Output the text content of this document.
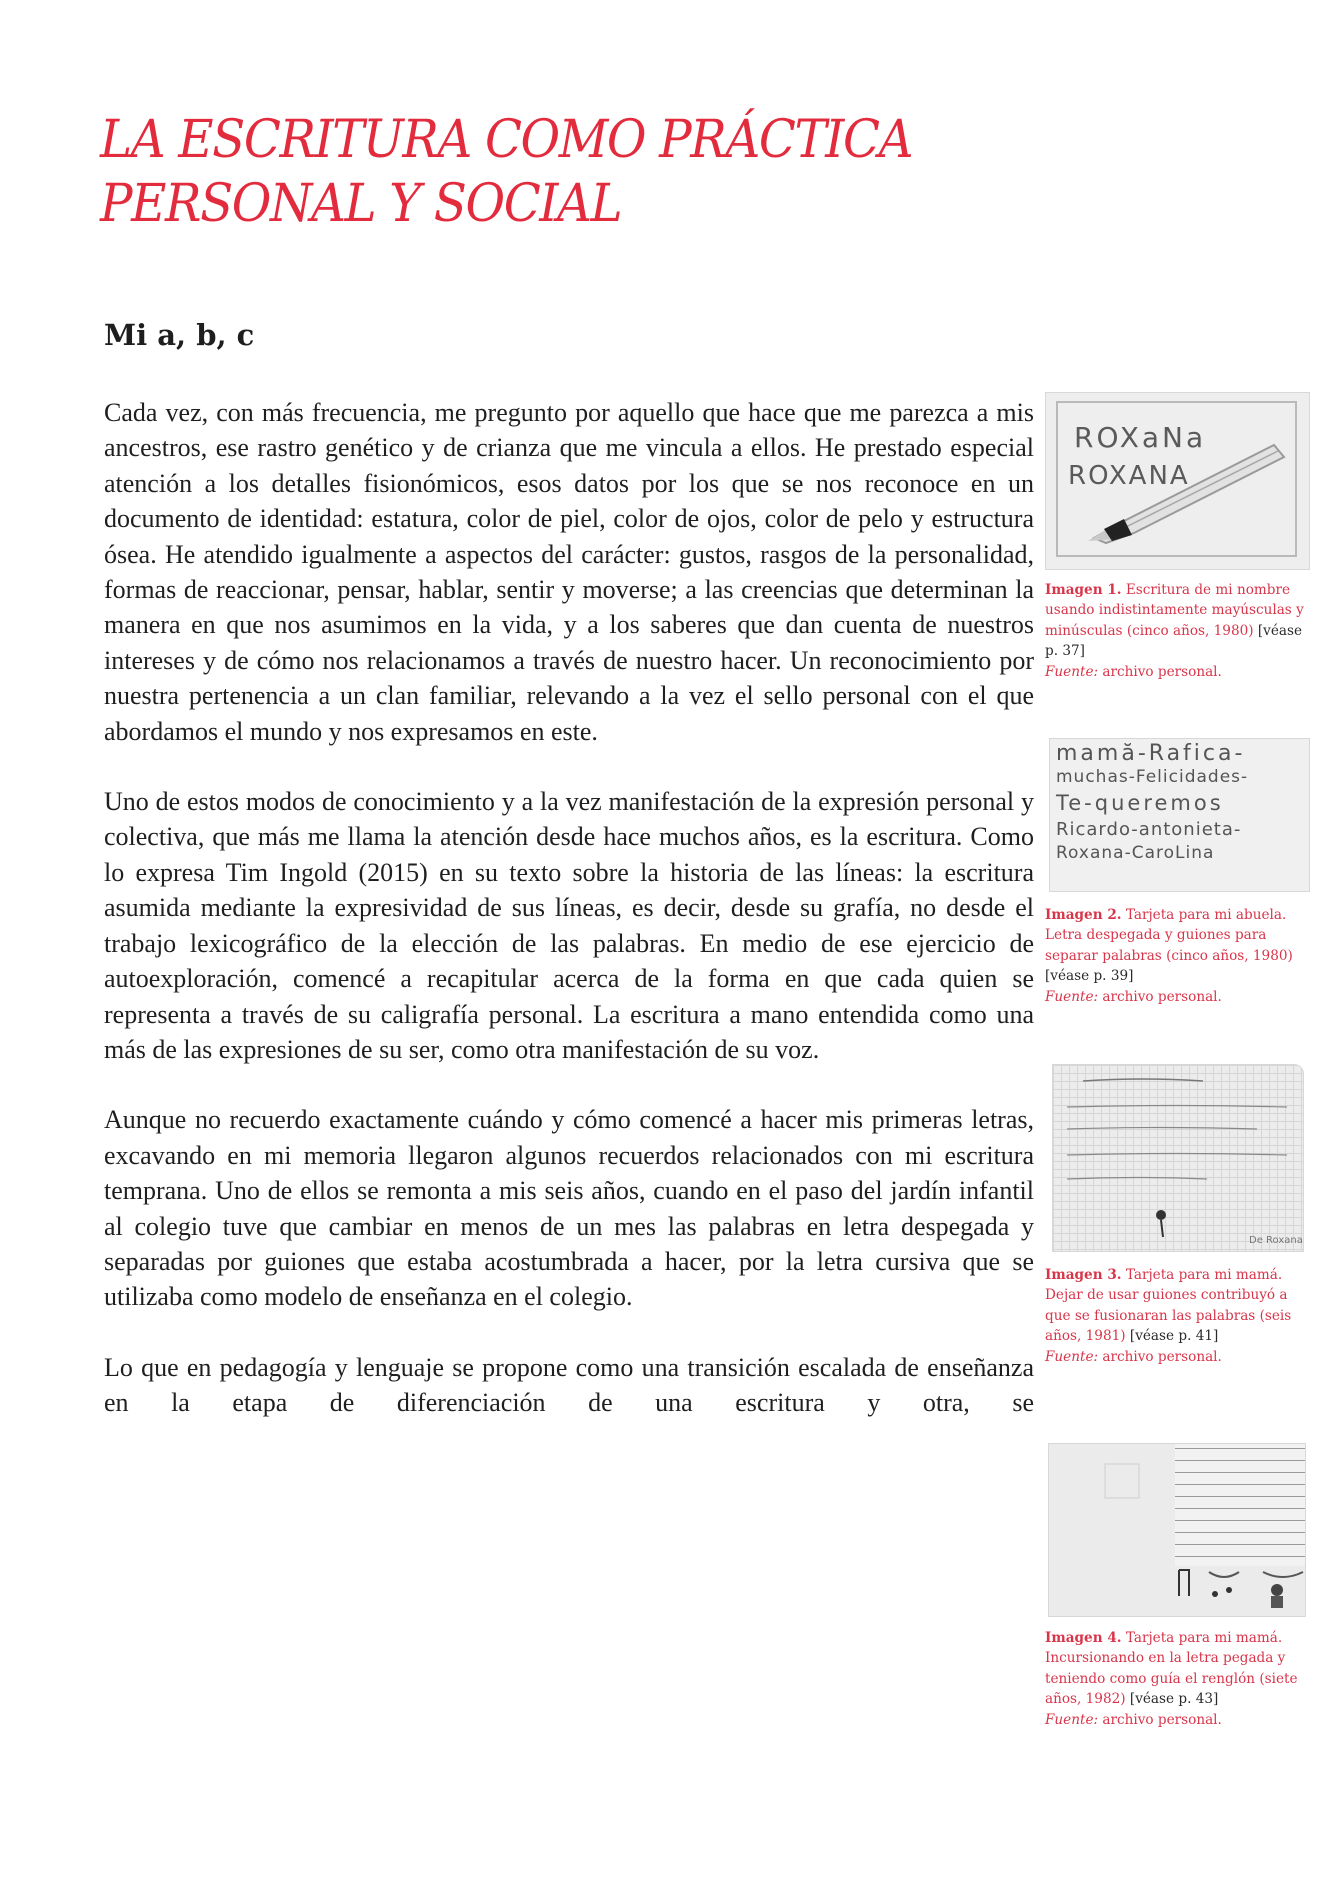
LA ESCRITURA COMO PRÁCTICA
PERSONAL Y SOCIAL
Mi a, b, c

Cada vez, con más frecuencia, me pregunto por aquello que hace que me parezca a mis ancestros, ese rastro genético y de crianza que me vincula a ellos. He prestado especial atención a los detalles fisionómicos, esos datos por los que se nos reconoce en un documento de identidad: estatura, color de piel, color de ojos, color de pelo y estructura ósea. He atendido igualmente a aspectos del carácter: gustos, rasgos de la personalidad, formas de reaccionar, pensar, hablar, sentir y moverse; a las creencias que determinan la manera en que nos asumimos en la vida, y a los saberes que dan cuenta de nuestros intereses y de cómo nos relacionamos a través de nuestro hacer. Un reconocimiento por nuestra pertenencia a un clan familiar, relevando a la vez el sello personal con el que abordamos el mundo y nos expresamos en este.

Uno de estos modos de conocimiento y a la vez manifestación de la expresión personal y colectiva, que más me llama la atención desde hace muchos años, es la escritura. Como lo expresa Tim Ingold (2015) en su texto sobre la historia de las líneas: la escritura asumida mediante la expresividad de sus líneas, es decir, desde su grafía, no desde el trabajo lexicográfico de la elección de las palabras. En medio de ese ejercicio de autoexploración, comencé a recapitular acerca de la forma en que cada quien se representa a través de su caligrafía personal. La escritura a mano entendida como una más de las expresiones de su ser, como otra manifestación de su voz.

Aunque no recuerdo exactamente cuándo y cómo comencé a hacer mis primeras letras, excavando en mi memoria llegaron algunos recuerdos relacionados con mi escritura temprana. Uno de ellos se remonta a mis seis años, cuando en el paso del jardín infantil al colegio tuve que cambiar en menos de un mes las palabras en letra despegada y separadas por guiones que estaba acostumbrada a hacer, por la letra cursiva que se utilizaba como modelo de enseñanza en el colegio.

Lo que en pedagogía y lenguaje se propone como una transición escalada de enseñanza en la etapa de diferenciación de una escritura y otra, se

ROXaNa
ROXANA
Imagen 1. Escritura de mi nombre usando indistintamente mayúsculas y minúsculas (cinco años, 1980) [véase p. 37]
Fuente: archivo personal.
mamă-Rafica-
muchas-Felicidades-
Te-queremos
Ricardo-antonieta-
Roxana-CaroLina
Imagen 2. Tarjeta para mi abuela. Letra despegada y guiones para separar palabras (cinco años, 1980) [véase p. 39]
Fuente: archivo personal.
De Roxana
Imagen 3. Tarjeta para mi mamá. Dejar de usar guiones contribuyó a que se fusionaran las palabras (seis años, 1981) [véase p. 41]
Fuente: archivo personal.
Imagen 4. Tarjeta para mi mamá. Incursionando en la letra pegada y teniendo como guía el renglón (siete años, 1982) [véase p. 43]
Fuente: archivo personal.
